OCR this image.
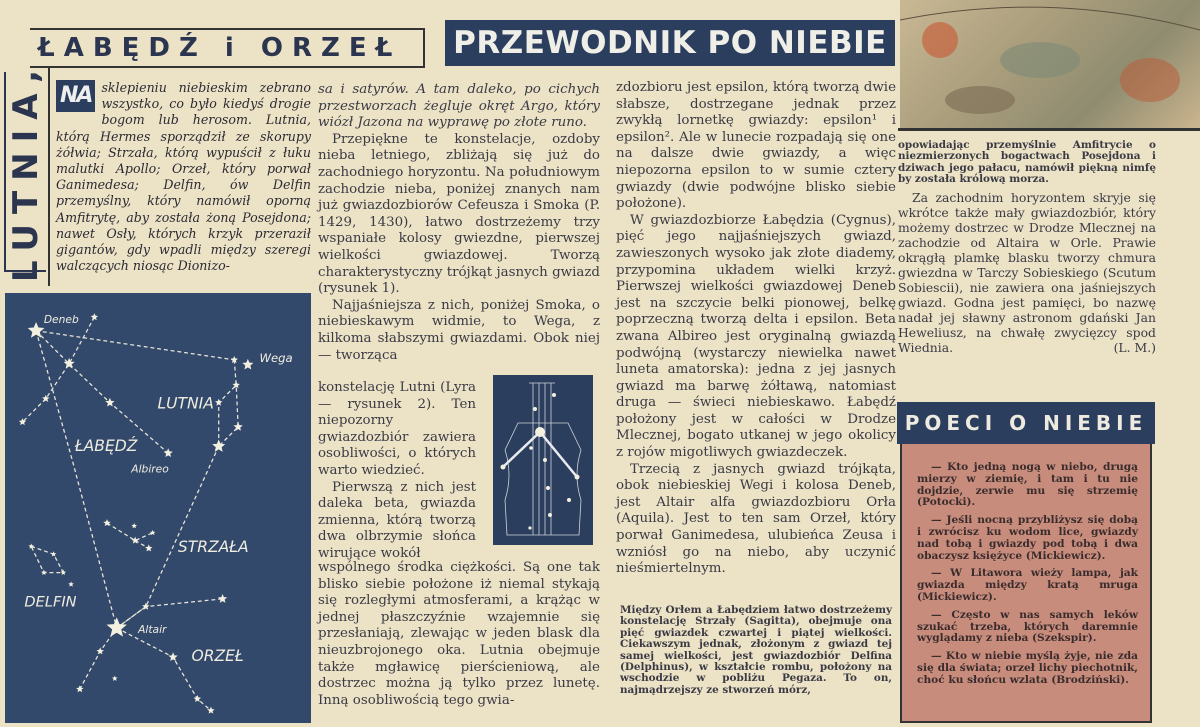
ŁABĘDŹ i ORZEŁ
LUTNIA, NA sklepieniu niebieskim zebrano wszystko, co było kiedyś drogie bogom lub herosom. Lutnia, którą Hermes sporządził ze skorupy żółwia; Strzała, którą wypuścił z łuku malutki Apollo; Orzeł, który porwał Ganimedesa; Delfin, ów Delfin przemyślny, który namówił oporną Amfitrytę, aby została żoną Posejdona; nawet Osły, których krzyk przeraził gigantów, gdy wpadli między szeregi walczących niosąc Dionizo-
Deneb
Wega
Albireo
Altair
LUTNIA
ŁABĘDŹ
STRZAŁA
DELFIN
ORZEŁ
PRZEWODNIK PO NIEBIE

sa i satyrów. A tam daleko, po cichych przestworzach żegluje okręt Argo, który wiózł Jazona na wyprawę po złote runo.

Przepiękne te konstelacje, ozdoby nieba letniego, zbliżają się już do zachodniego horyzontu. Na południowym zachodzie nieba, poniżej znanych nam już gwiazdozbiorów Cefeusza i Smoka (P. 1429, 1430), łatwo dostrzeżemy trzy wspaniałe kolosy gwiezdne, pierwszej wielkości gwiazdowej. Tworzą charakterystyczny trójkąt jasnych gwiazd (rysunek 1).

Najjaśniejsza z nich, poniżej Smoka, o niebieskawym widmie, to Wega, z kilkoma słabszymi gwiazdami. Obok niej — tworząca

konstelację Lutni (Lyra — rysunek 2). Ten niepozorny gwiazdozbiór zawiera osobliwości, o których warto wiedzieć.

Pierwszą z nich jest daleka beta, gwiazda zmienna, którą tworzą dwa olbrzymie słońca wirujące wokół

wspólnego środka ciężkości. Są one tak blisko siebie położone iż niemal stykają się rozległymi atmosferami, a krążąc w jednej płaszczyźnie wzajemnie się przesłaniają, zlewając w jeden blask dla nieuzbrojonego oka. Lutnia obejmuje także mgławicę pierścieniową, ale dostrzec można ją tylko przez lunetę. Inną osobliwością tego gwia-

zdozbioru jest epsilon, którą tworzą dwie słabsze, dostrzegane jednak przez zwykłą lornetkę gwiazdy: epsilon¹ i epsilon². Ale w lunecie rozpadają się one na dalsze dwie gwiazdy, a więc niepozorna epsilon to w sumie cztery gwiazdy (dwie podwójne blisko siebie położone).

W gwiazdozbiorze Łabędzia (Cygnus), pięć jego najjaśniejszych gwiazd, zawieszonych wysoko jak złote diademy, przypomina układem wielki krzyż. Pierwszej wielkości gwiazdowej Deneb jest na szczycie belki pionowej, belkę poprzeczną tworzą delta i epsilon. Beta zwana Albireo jest oryginalną gwiazdą podwójną (wystarczy niewielka nawet luneta amatorska): jedna z jej jasnych gwiazd ma barwę żółtawą, natomiast druga — świeci niebieskawo. Łabędź położony jest w całości w Drodze Mlecznej, bogato utkanej w jego okolicy z rojów migotliwych gwiazdeczek.

Trzecią z jasnych gwiazd trójkąta, obok niebieskiej Wegi i kolosa Deneb, jest Altair alfa gwiazdozbioru Orła (Aquila). Jest to ten sam Orzeł, który porwał Ganimedesa, ulubieńca Zeusa i wzniósł go na niebo, aby uczynić nieśmiertelnym.

Między Orłem a Łabędziem łatwo dostrzeżemy konstelację Strzały (Sagitta), obejmuje ona pięć gwiazdek czwartej i piątej wielkości. Ciekawszym jednak, złożonym z gwiazd tej samej wielkości, jest gwiazdozbiór Delfina (Delphinus), w kształcie rombu, położony na wschodzie w pobliżu Pegaza. To on, najmądrzejszy ze stworzeń mórz,
opowiadając przemyślnie Amfitrycie o niezmierzonych bogactwach Posejdona i dziwach jego pałacu, namówił piękną nimfę by została królową morza.

Za zachodnim horyzontem skryje się wkrótce także mały gwiazdozbiór, który możemy dostrzec w Drodze Mlecznej na zachodzie od Altaira w Orle. Prawie okrągłą plamkę blasku tworzy chmura gwiezdna w Tarczy Sobieskiego (Scutum Sobiescii), nie zawiera ona jaśniejszych gwiazd. Godna jest pamięci, bo nazwę nadał jej sławny astronom gdański Jan Heweliusz, na chwałę zwycięzcy spod Wiednia.	(L. M.)

POECI O NIEBIE

— Kto jedną nogą w niebo, drugą mierzy w ziemię, i tam i tu nie dojdzie, zerwie mu się strzemię (Potocki).

— Jeśli nocną przybliżysz się dobą i zwrócisz ku wodom lice, gwiazdy nad tobą i gwiazdy pod tobą i dwa obaczysz księżyce (Mickiewicz).

— W Litawora wieży lampa, jak gwiazda między kratą mruga (Mickiewicz).

— Często w nas samych leków szukać trzeba, których daremnie wyglądamy z nieba (Szekspir).

— Kto w niebie myślą żyje, nie zda się dla świata; orzeł lichy piechotnik, choć ku słońcu wzlata (Brodziński).
